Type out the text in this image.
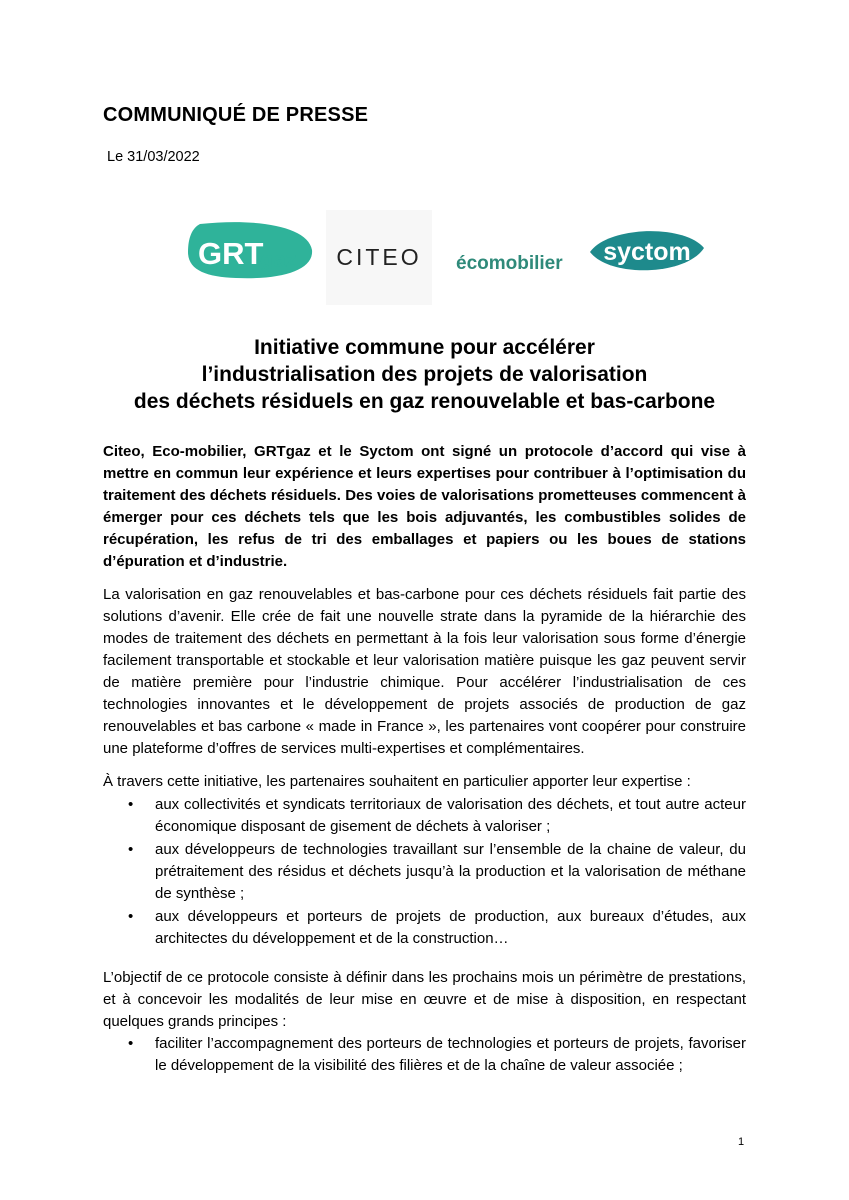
COMMUNIQUÉ DE PRESSE
Le 31/03/2022
GRT
gaz CITEO écomobilier syctom
Initiative commune pour accélérer
l’industrialisation des projets de valorisation
des déchets résiduels en gaz renouvelable et bas-carbone

Citeo, Eco-mobilier, GRTgaz et le Syctom ont signé un protocole d’accord qui vise à mettre en commun leur expérience et leurs expertises pour contribuer à l’optimisation du traitement des déchets résiduels. Des voies de valorisations prometteuses commencent à émerger pour ces déchets tels que les bois adjuvantés, les combustibles solides de récupération, les refus de tri des emballages et papiers ou les boues de stations d’épuration et d’industrie.

La valorisation en gaz renouvelables et bas-carbone pour ces déchets résiduels fait partie des solutions d’avenir. Elle crée de fait une nouvelle strate dans la pyramide de la hiérarchie des modes de traitement des déchets en permettant à la fois leur valorisation sous forme d’énergie facilement transportable et stockable et leur valorisation matière puisque les gaz peuvent servir de matière première pour l’industrie chimique. Pour accélérer l’industrialisation de ces technologies innovantes et le développement de projets associés de production de gaz renouvelables et bas carbone « made in France », les partenaires vont coopérer pour construire une plateforme d’offres de services multi-expertises et complémentaires.

À travers cette initiative, les partenaires souhaitent en particulier apporter leur expertise :

• aux collectivités et syndicats territoriaux de valorisation des déchets, et tout autre acteur économique disposant de gisement de déchets à valoriser ;
• aux développeurs de technologies travaillant sur l’ensemble de la chaine de valeur, du prétraitement des résidus et déchets jusqu’à la production et la valorisation de méthane de synthèse ;
• aux développeurs et porteurs de projets de production, aux bureaux d’études, aux architectes du développement et de la construction…

L’objectif de ce protocole consiste à définir dans les prochains mois un périmètre de prestations, et à concevoir les modalités de leur mise en œuvre et de mise à disposition, en respectant quelques grands principes :

• faciliter l’accompagnement des porteurs de technologies et porteurs de projets, favoriser le développement de la visibilité des filières et de la chaîne de valeur associée ;
1
